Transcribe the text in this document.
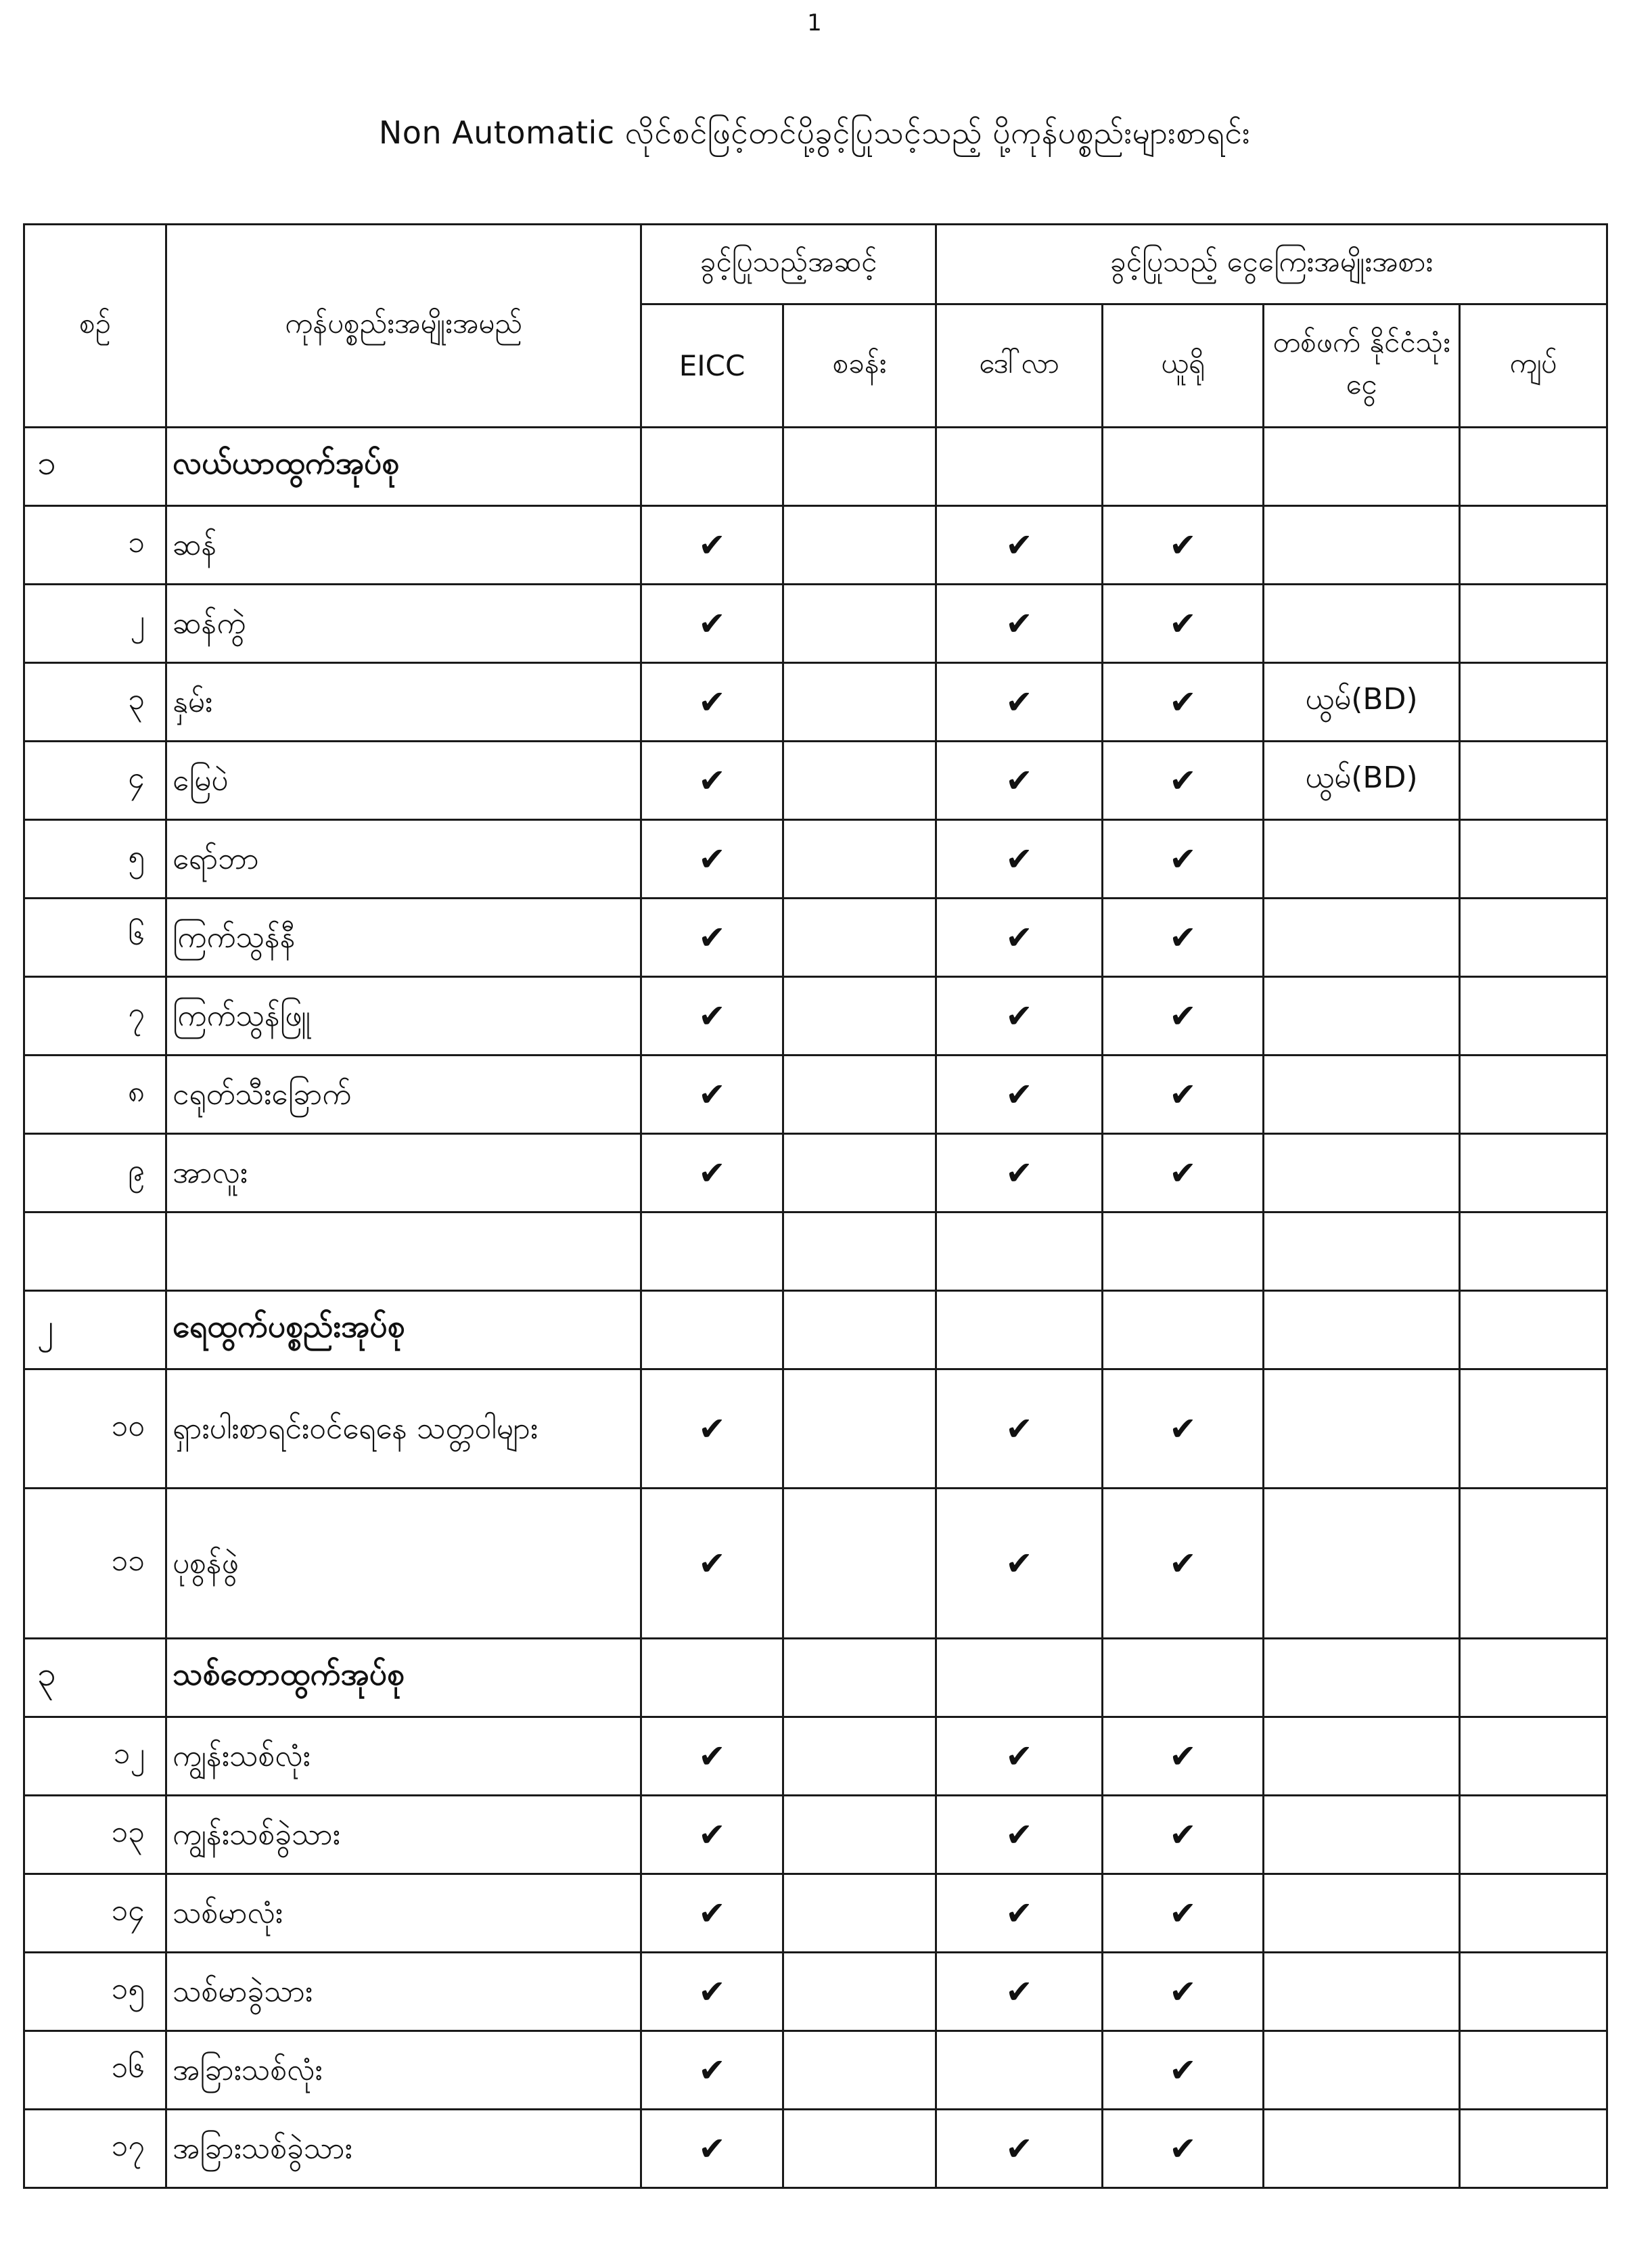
1
Non Automatic လိုင်စင်ဖြင့်တင်ပို့ခွင့်ပြုသင့်သည့် ပို့ကုန်ပစ္စည်းများစာရင်း
စဉ်	ကုန်ပစ္စည်းအမျိုးအမည်	ခွင့်ပြုသည့်အဆင့်		ခွင့်ပြုသည့် ငွေကြေးအမျိုးအစား			
		EICC	စခန်း	ဒေါ်လာ	ယူရို	တစ်ဖက် နိုင်ငံသုံးငွေ	ကျပ်
၁	လယ်ယာထွက်အုပ်စု						
၁	ဆန်	✔		✔	✔		
၂	ဆန်ကွဲ	✔		✔	✔		
၃	နှမ်း	✔		✔	✔	ယွမ်(BD)	
၄	မြေပဲ	✔		✔	✔	ယွမ်(BD)	
၅	ရော်ဘာ	✔		✔	✔		
၆	ကြက်သွန်နီ	✔		✔	✔		
၇	ကြက်သွန်ဖြူ	✔		✔	✔		
၈	ငရုတ်သီးခြောက်	✔		✔	✔		
၉	အာလူး	✔		✔	✔		

၂	ရေထွက်ပစ္စည်းအုပ်စု						
၁၀	ရှားပါးစာရင်းဝင်ရေနေ သတ္တဝါများ	✔		✔	✔		
၁၁	ပုစွန်ဖွဲ	✔		✔	✔		
၃	သစ်တောထွက်အုပ်စု						
၁၂	ကျွန်းသစ်လုံး	✔		✔	✔		
၁၃	ကျွန်းသစ်ခွဲသား	✔		✔	✔		
၁၄	သစ်မာလုံး	✔		✔	✔		
၁၅	သစ်မာခွဲသား	✔		✔	✔		
၁၆	အခြားသစ်လုံး	✔			✔		
၁၇	အခြားသစ်ခွဲသား	✔		✔	✔		
